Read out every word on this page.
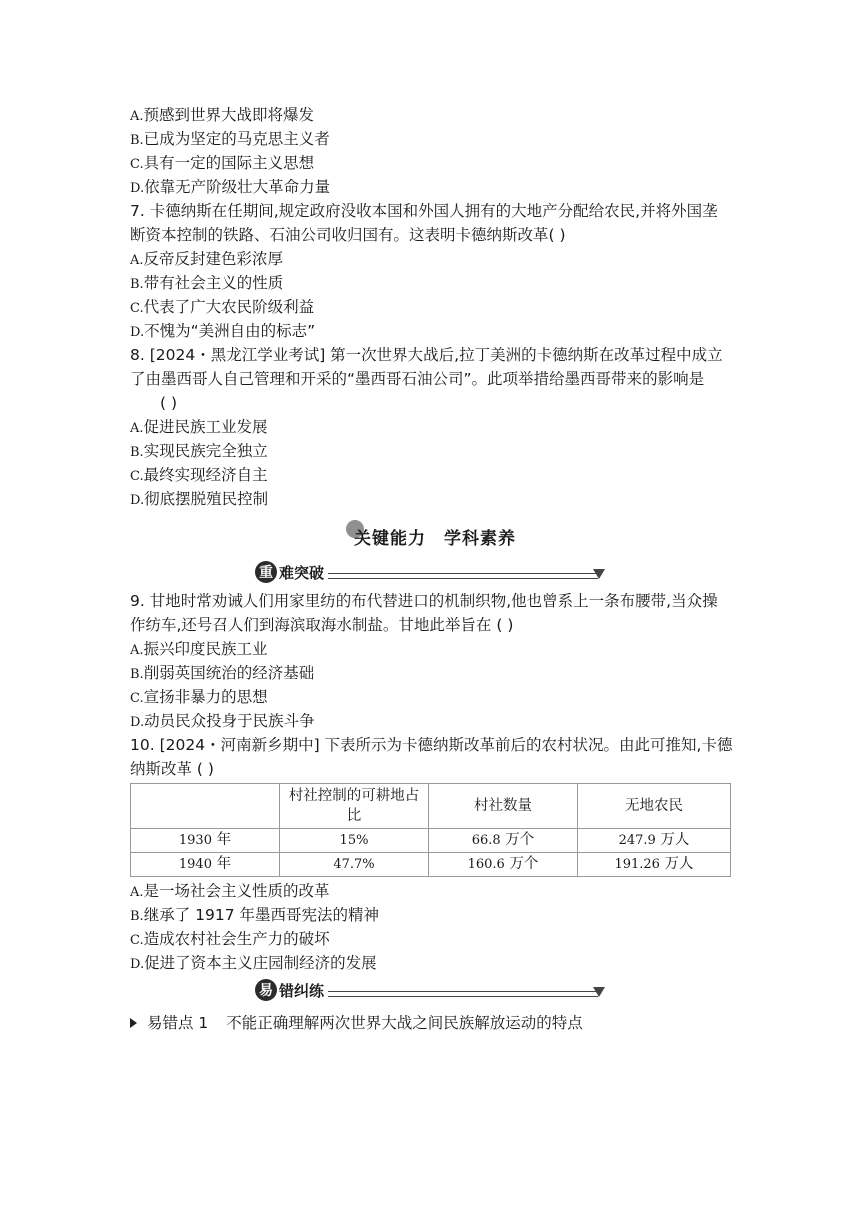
A.预感到世界大战即将爆发
B.已成为坚定的马克思主义者
C.具有一定的国际主义思想
D.依靠无产阶级壮大革命力量
7. 卡德纳斯在任期间,规定政府没收本国和外国人拥有的大地产分配给农民,并将外国垄
断资本控制的铁路、石油公司收归国有。这表明卡德纳斯改革( )
A.反帝反封建色彩浓厚
B.带有社会主义的性质
C.代表了广大农民阶级利益
D.不愧为“美洲自由的标志”
8. [2024・黑龙江学业考试] 第一次世界大战后,拉丁美洲的卡德纳斯在改革过程中成立
了由墨西哥人自己管理和开采的“墨西哥石油公司”。此项举措给墨西哥带来的影响是
( )
A.促进民族工业发展
B.实现民族完全独立
C.最终实现经济自主
D.彻底摆脱殖民控制
关键能力 学科素养
重 难突破
9. 甘地时常劝诫人们用家里纺的布代替进口的机制织物,他也曾系上一条布腰带,当众操
作纺车,还号召人们到海滨取海水制盐。甘地此举旨在 ( )
A.振兴印度民族工业
B.削弱英国统治的经济基础
C.宣扬非暴力的思想
D.动员民众投身于民族斗争
10. [2024・河南新乡期中] 下表所示为卡德纳斯改革前后的农村状况。由此可推知,卡德
纳斯改革 ( )
	村社控制的可耕地占比	村社数量	无地农民
1930 年	15%	66.8 万个	247.9 万人
1940 年	47.7%	160.6 万个	191.26 万人
A.是一场社会主义性质的改革
B.继承了 1917 年墨西哥宪法的精神
C.造成农村社会生产力的破坏
D.促进了资本主义庄园制经济的发展
易 错纠练
易错点 1 不能正确理解两次世界大战之间民族解放运动的特点
